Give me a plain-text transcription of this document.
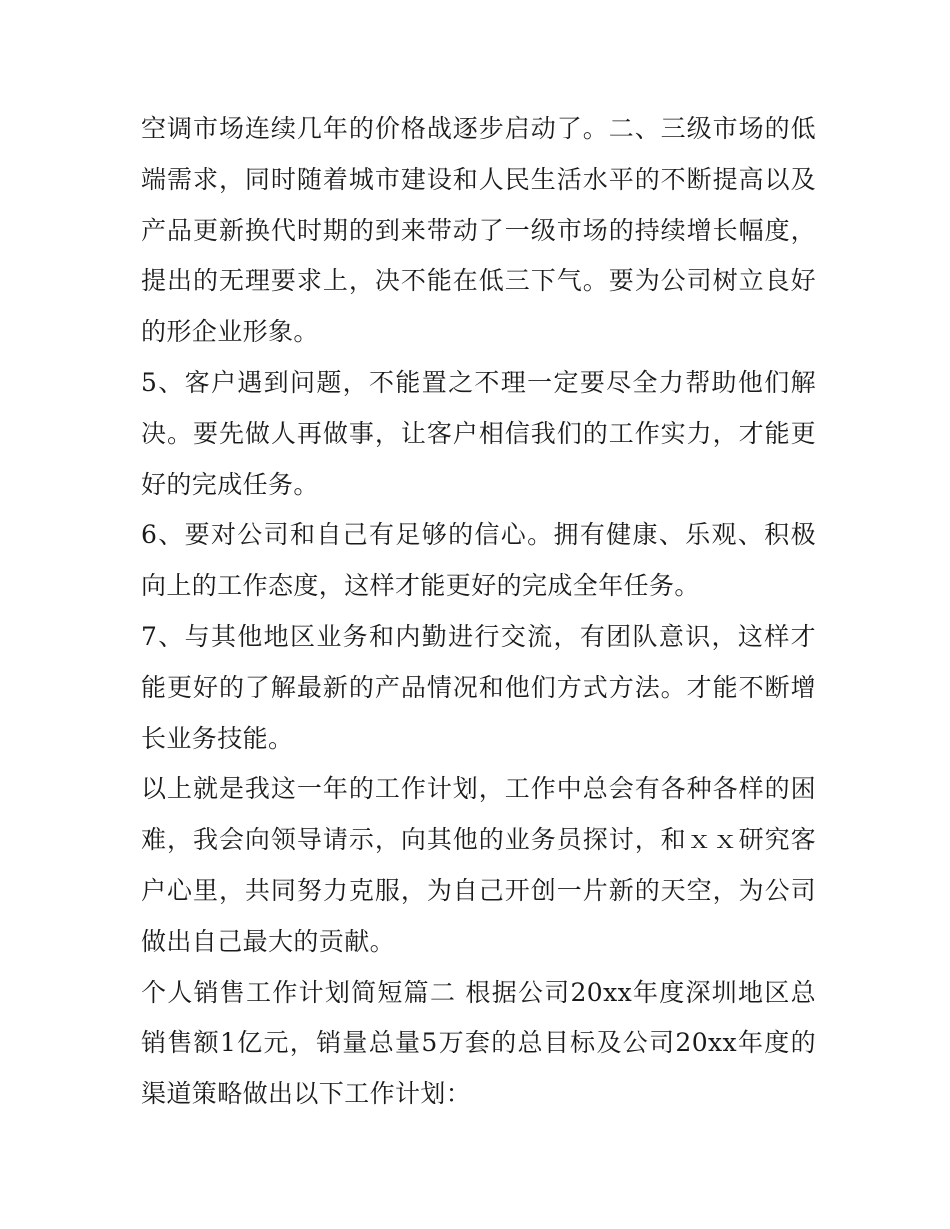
空调市场连续几年的价格战逐步启动了。二、三级市场的低端需求，同时随着城市建设和人民生活水平的不断提高以及产品更新换代时期的到来带动了一级市场的持续增长幅度，提出的无理要求上，决不能在低三下气。要为公司树立良好的形企业形象。

5、客户遇到问题，不能置之不理一定要尽全力帮助他们解决。要先做人再做事，让客户相信我们的工作实力，才能更好的完成任务。

6、要对公司和自己有足够的信心。拥有健康、乐观、积极向上的工作态度，这样才能更好的完成全年任务。

7、与其他地区业务和内勤进行交流，有团队意识，这样才能更好的了解最新的产品情况和他们方式方法。才能不断增长业务技能。

以上就是我这一年的工作计划，工作中总会有各种各样的困难，我会向领导请示，向其他的业务员探讨，和ｘｘ研究客户心里，共同努力克服，为自己开创一片新的天空，为公司做出自己最大的贡献。

个人销售工作计划简短篇二 根据公司20xx年度深圳地区总销售额1亿元，销量总量5万套的总目标及公司20xx年度的渠道策略做出以下工作计划：
